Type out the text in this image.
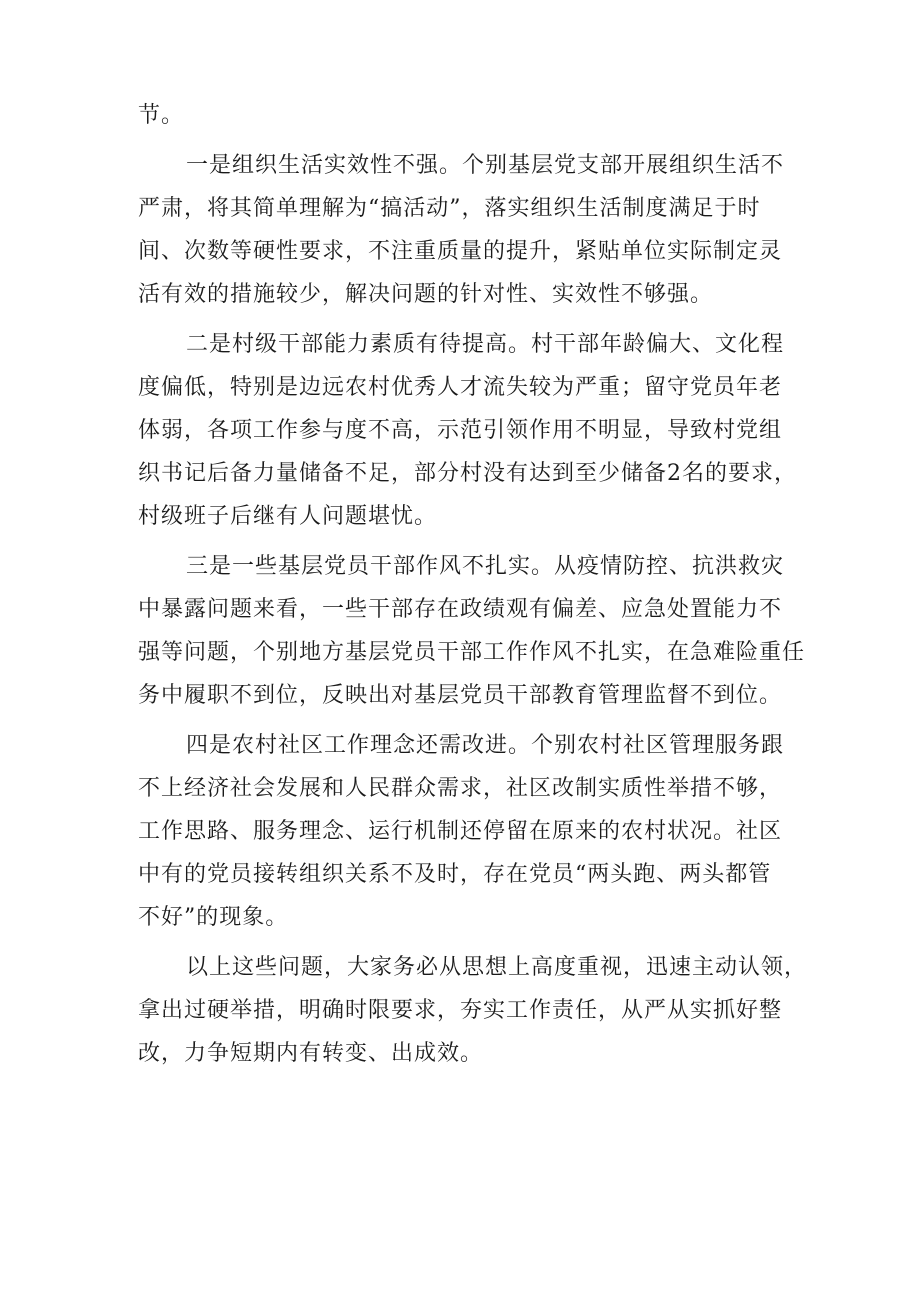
节。
一是组织生活实效性不强。个别基层党支部开展组织生活不
严肃，将其简单理解为“搞活动”，落实组织生活制度满足于时
间、次数等硬性要求，不注重质量的提升，紧贴单位实际制定灵
活有效的措施较少，解决问题的针对性、实效性不够强。
二是村级干部能力素质有待提高。村干部年龄偏大、文化程
度偏低，特别是边远农村优秀人才流失较为严重；留守党员年老
体弱，各项工作参与度不高，示范引领作用不明显，导致村党组
织书记后备力量储备不足，部分村没有达到至少储备2名的要求，
村级班子后继有人问题堪忧。
三是一些基层党员干部作风不扎实。从疫情防控、抗洪救灾
中暴露问题来看，一些干部存在政绩观有偏差、应急处置能力不
强等问题，个别地方基层党员干部工作作风不扎实，在急难险重任
务中履职不到位，反映出对基层党员干部教育管理监督不到位。
四是农村社区工作理念还需改进。个别农村社区管理服务跟
不上经济社会发展和人民群众需求，社区改制实质性举措不够，
工作思路、服务理念、运行机制还停留在原来的农村状况。社区
中有的党员接转组织关系不及时，存在党员“两头跑、两头都管
不好”的现象。
以上这些问题，大家务必从思想上高度重视，迅速主动认领，
拿出过硬举措，明确时限要求，夯实工作责任，从严从实抓好整
改，力争短期内有转变、出成效。
